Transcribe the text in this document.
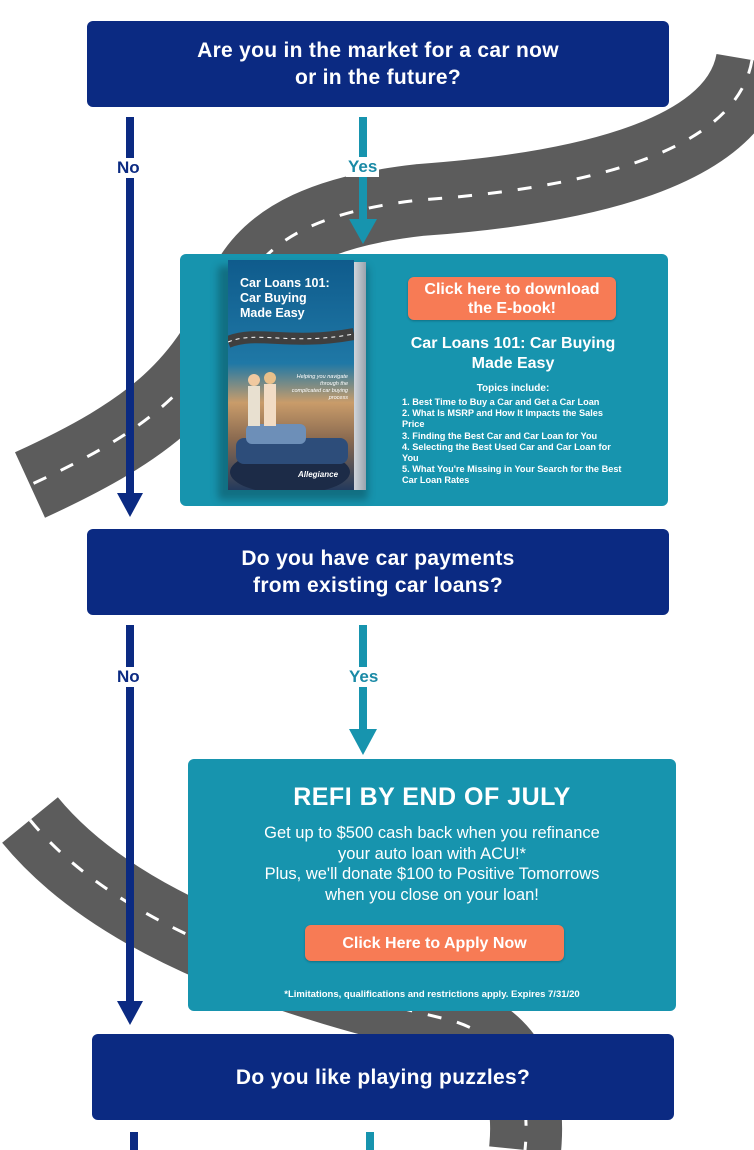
Are you in the market for a car now
or in the future?
No	Yes
Car Loans 101:
Car Buying
Made Easy
Helping you navigate through the complicated car buying process
Allegiance
Click here to download
the E-book!
Car Loans 101: Car Buying
Made Easy
Topics include:
1. Best Time to Buy a Car and Get a Car Loan
2. What Is MSRP and How It Impacts the Sales Price
3. Finding the Best Car and Car Loan for You
4. Selecting the Best Used Car and Car Loan for You
5. What You're Missing in Your Search for the Best Car Loan Rates
Do you have car payments
from existing car loans?
No	Yes
REFI BY END OF JULY
Get up to $500 cash back when you refinance
your auto loan with ACU!*
Plus, we'll donate $100 to Positive Tomorrows
when you close on your loan!
Click Here to Apply Now
*Limitations, qualifications and restrictions apply. Expires 7/31/20
Do you like playing puzzles?
